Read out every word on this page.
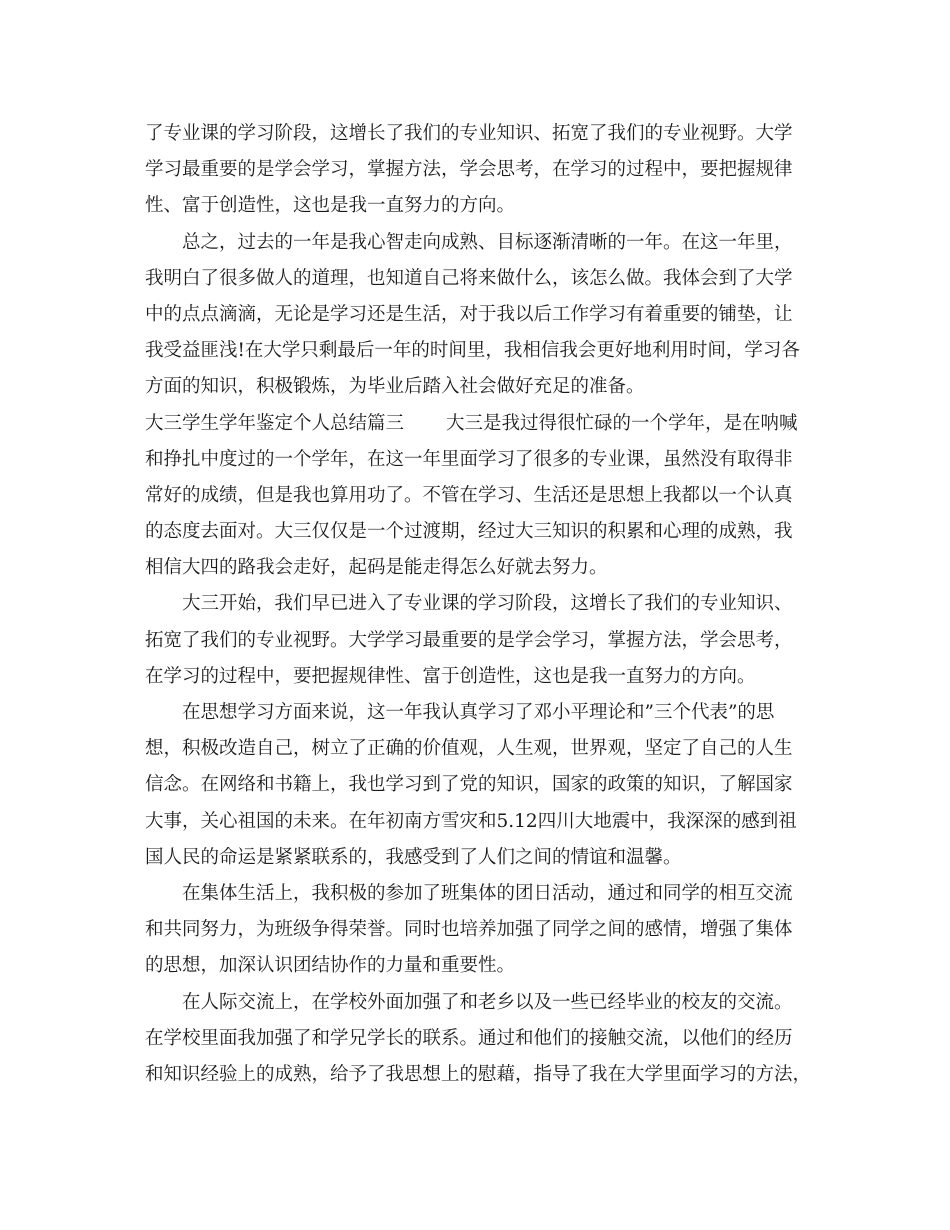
了专业课的学习阶段，这增长了我们的专业知识、拓宽了我们的专业视野。大学
学习最重要的是学会学习，掌握方法，学会思考，在学习的过程中，要把握规律
性、富于创造性，这也是我一直努力的方向。
总之，过去的一年是我心智走向成熟、目标逐渐清晰的一年。在这一年里，
我明白了很多做人的道理，也知道自己将来做什么，该怎么做。我体会到了大学
中的点点滴滴，无论是学习还是生活，对于我以后工作学习有着重要的铺垫，让
我受益匪浅!在大学只剩最后一年的时间里，我相信我会更好地利用时间，学习各
方面的知识，积极锻炼，为毕业后踏入社会做好充足的准备。
大三学生学年鉴定个人总结篇三 大三是我过得很忙碌的一个学年，是在呐喊
和挣扎中度过的一个学年，在这一年里面学习了很多的专业课，虽然没有取得非
常好的成绩，但是我也算用功了。不管在学习、生活还是思想上我都以一个认真
的态度去面对。大三仅仅是一个过渡期，经过大三知识的积累和心理的成熟，我
相信大四的路我会走好，起码是能走得怎么好就去努力。
大三开始，我们早已进入了专业课的学习阶段，这增长了我们的专业知识、
拓宽了我们的专业视野。大学学习最重要的是学会学习，掌握方法，学会思考，
在学习的过程中，要把握规律性、富于创造性，这也是我一直努力的方向。
在思想学习方面来说，这一年我认真学习了邓小平理论和”三个代表”的思
想，积极改造自己，树立了正确的价值观，人生观，世界观，坚定了自己的人生
信念。在网络和书籍上，我也学习到了党的知识，国家的政策的知识，了解国家
大事，关心祖国的未来。在年初南方雪灾和5.12四川大地震中，我深深的感到祖
国人民的命运是紧紧联系的，我感受到了人们之间的情谊和温馨。
在集体生活上，我积极的参加了班集体的团日活动，通过和同学的相互交流
和共同努力，为班级争得荣誉。同时也培养加强了同学之间的感情，增强了集体
的思想，加深认识团结协作的力量和重要性。
在人际交流上，在学校外面加强了和老乡以及一些已经毕业的校友的交流。
在学校里面我加强了和学兄学长的联系。通过和他们的接触交流，以他们的经历
和知识经验上的成熟，给予了我思想上的慰藉，指导了我在大学里面学习的方法，
